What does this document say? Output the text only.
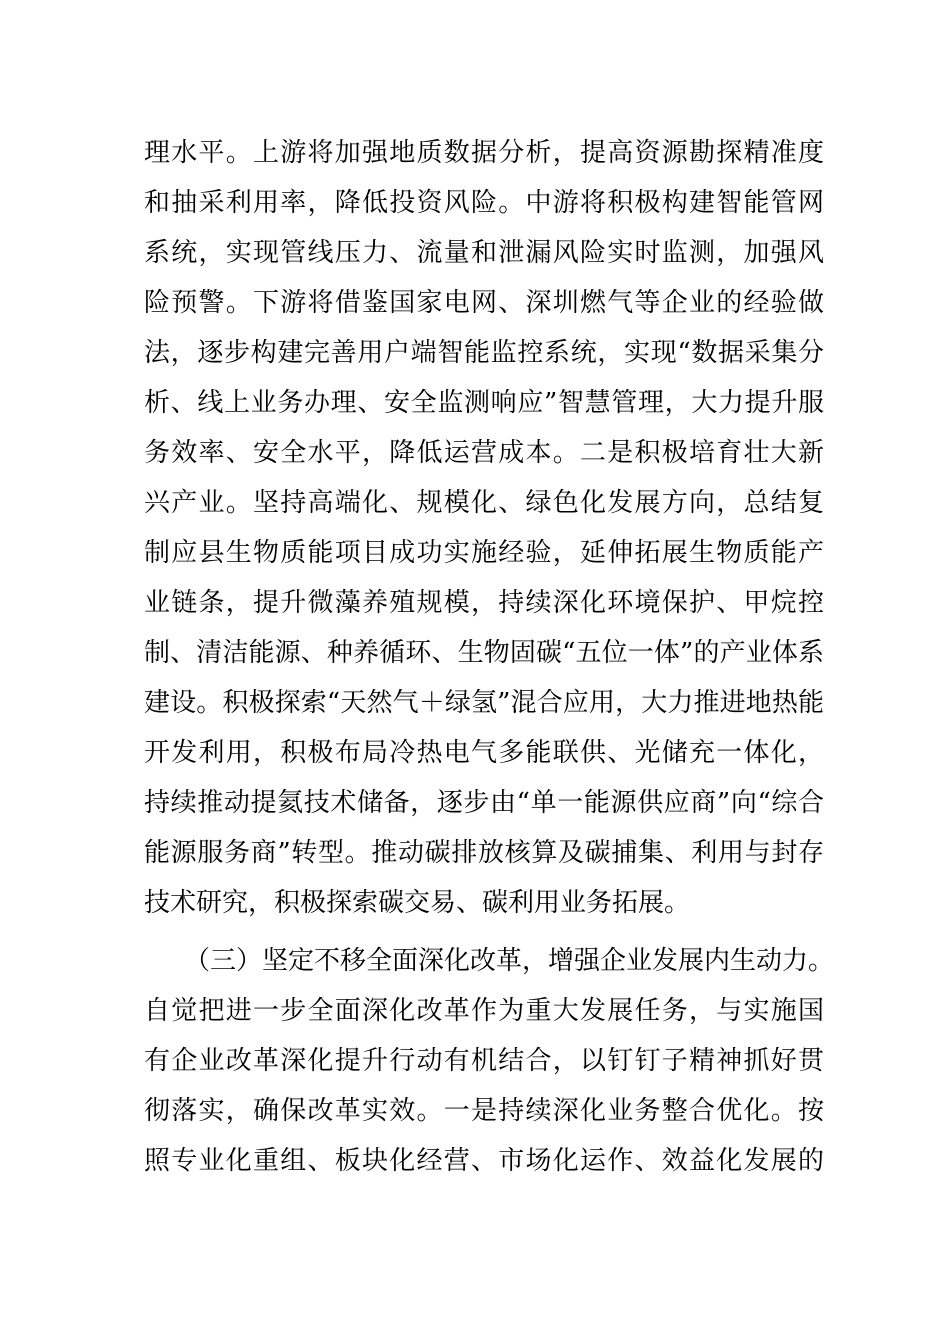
理水平。上游将加强地质数据分析，提高资源勘探精准度
和抽采利用率，降低投资风险。中游将积极构建智能管网
系统，实现管线压力、流量和泄漏风险实时监测，加强风
险预警。下游将借鉴国家电网、深圳燃气等企业的经验做
法，逐步构建完善用户端智能监控系统，实现“数据采集分
析、线上业务办理、安全监测响应”智慧管理，大力提升服
务效率、安全水平，降低运营成本。二是积极培育壮大新
兴产业。坚持高端化、规模化、绿色化发展方向，总结复
制应县生物质能项目成功实施经验，延伸拓展生物质能产
业链条，提升微藻养殖规模，持续深化环境保护、甲烷控
制、清洁能源、种养循环、生物固碳“五位一体”的产业体系
建设。积极探索“天然气＋绿氢”混合应用，大力推进地热能
开发利用，积极布局冷热电气多能联供、光储充一体化，
持续推动提氦技术储备，逐步由“单一能源供应商”向“综合
能源服务商”转型。推动碳排放核算及碳捕集、利用与封存
技术研究，积极探索碳交易、碳利用业务拓展。
（三）坚定不移全面深化改革，增强企业发展内生动力。
自觉把进一步全面深化改革作为重大发展任务，与实施国
有企业改革深化提升行动有机结合，以钉钉子精神抓好贯
彻落实，确保改革实效。一是持续深化业务整合优化。按
照专业化重组、板块化经营、市场化运作、效益化发展的
